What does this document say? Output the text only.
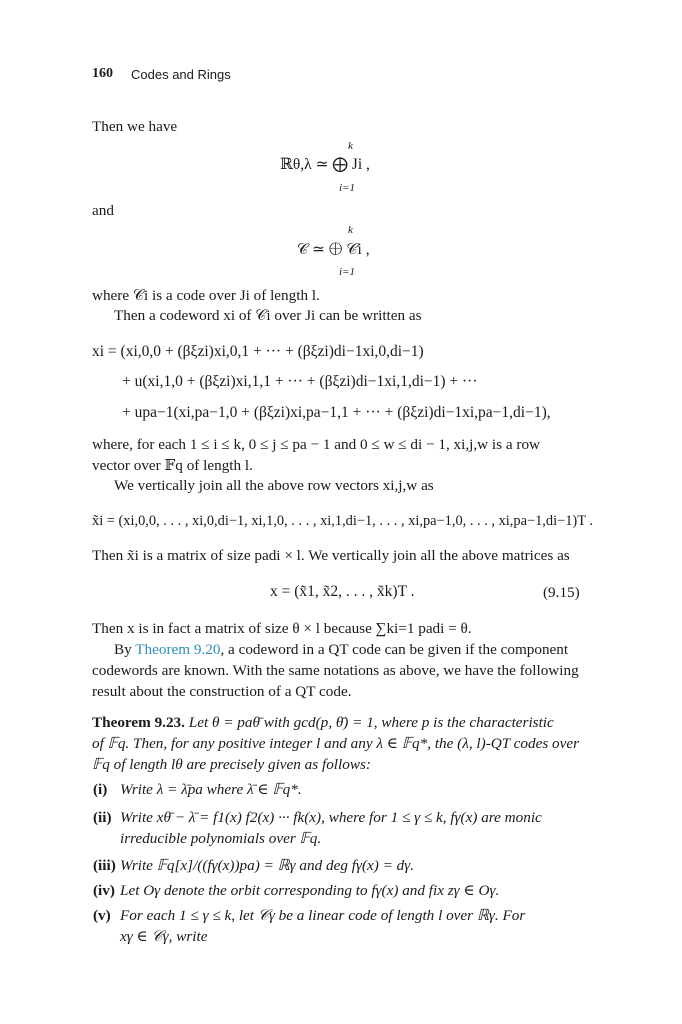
160 Codes and Rings
Then we have
k
ℝθ,λ ≃ ⨁ Ji ,
i=1
and
k
𝒞 ≃ ⨁ 𝒞i ,
i=1
where 𝒞i is a code over Ji of length l.
Then a codeword xi of 𝒞i over Ji can be written as
xi = (xi,0,0 + (βξzi)xi,0,1 + ··· + (βξzi)di−1xi,0,di−1)
+ u(xi,1,0 + (βξzi)xi,1,1 + ··· + (βξzi)di−1xi,1,di−1) + ···
+ upa−1(xi,pa−1,0 + (βξzi)xi,pa−1,1 + ··· + (βξzi)di−1xi,pa−1,di−1),
where, for each 1 ≤ i ≤ k, 0 ≤ j ≤ pa − 1 and 0 ≤ w ≤ di − 1, xi,j,w is a row
vector over 𝔽q of length l.
We vertically join all the above row vectors xi,j,w as
x̃i = (xi,0,0, . . . , xi,0,di−1, xi,1,0, . . . , xi,1,di−1, . . . , xi,pa−1,0, . . . , xi,pa−1,di−1)T .
Then x̃i is a matrix of size padi × l. We vertically join all the above matrices as
x = (x̃1, x̃2, . . . , x̃k)T .	(9.15)
Then x is in fact a matrix of size θ × l because ∑ki=1 padi = θ.
By Theorem 9.20, a codeword in a QT code can be given if the component
codewords are known. With the same notations as above, we have the following
result about the construction of a QT code.
Theorem 9.23. Let θ = paθ̄ with gcd(p, θ̄) = 1, where p is the characteristic
of 𝔽q. Then, for any positive integer l and any λ ∈ 𝔽q*, the (λ, l)-QT codes over
𝔽q of length lθ are precisely given as follows:
(i) Write λ = λ̄pa where λ̄ ∈ 𝔽q*.
(ii) Write xθ̄ − λ̄ = f1(x) f2(x) ··· fk(x), where for 1 ≤ γ ≤ k, fγ(x) are monic
irreducible polynomials over 𝔽q.
(iii) Write 𝔽q[x]/((fγ(x))pa) = ℝγ and deg fγ(x) = dγ.
(iv) Let Oγ denote the orbit corresponding to fγ(x) and fix zγ ∈ Oγ.
(v) For each 1 ≤ γ ≤ k, let 𝒞γ be a linear code of length l over ℝγ. For
xγ ∈ 𝒞γ, write
